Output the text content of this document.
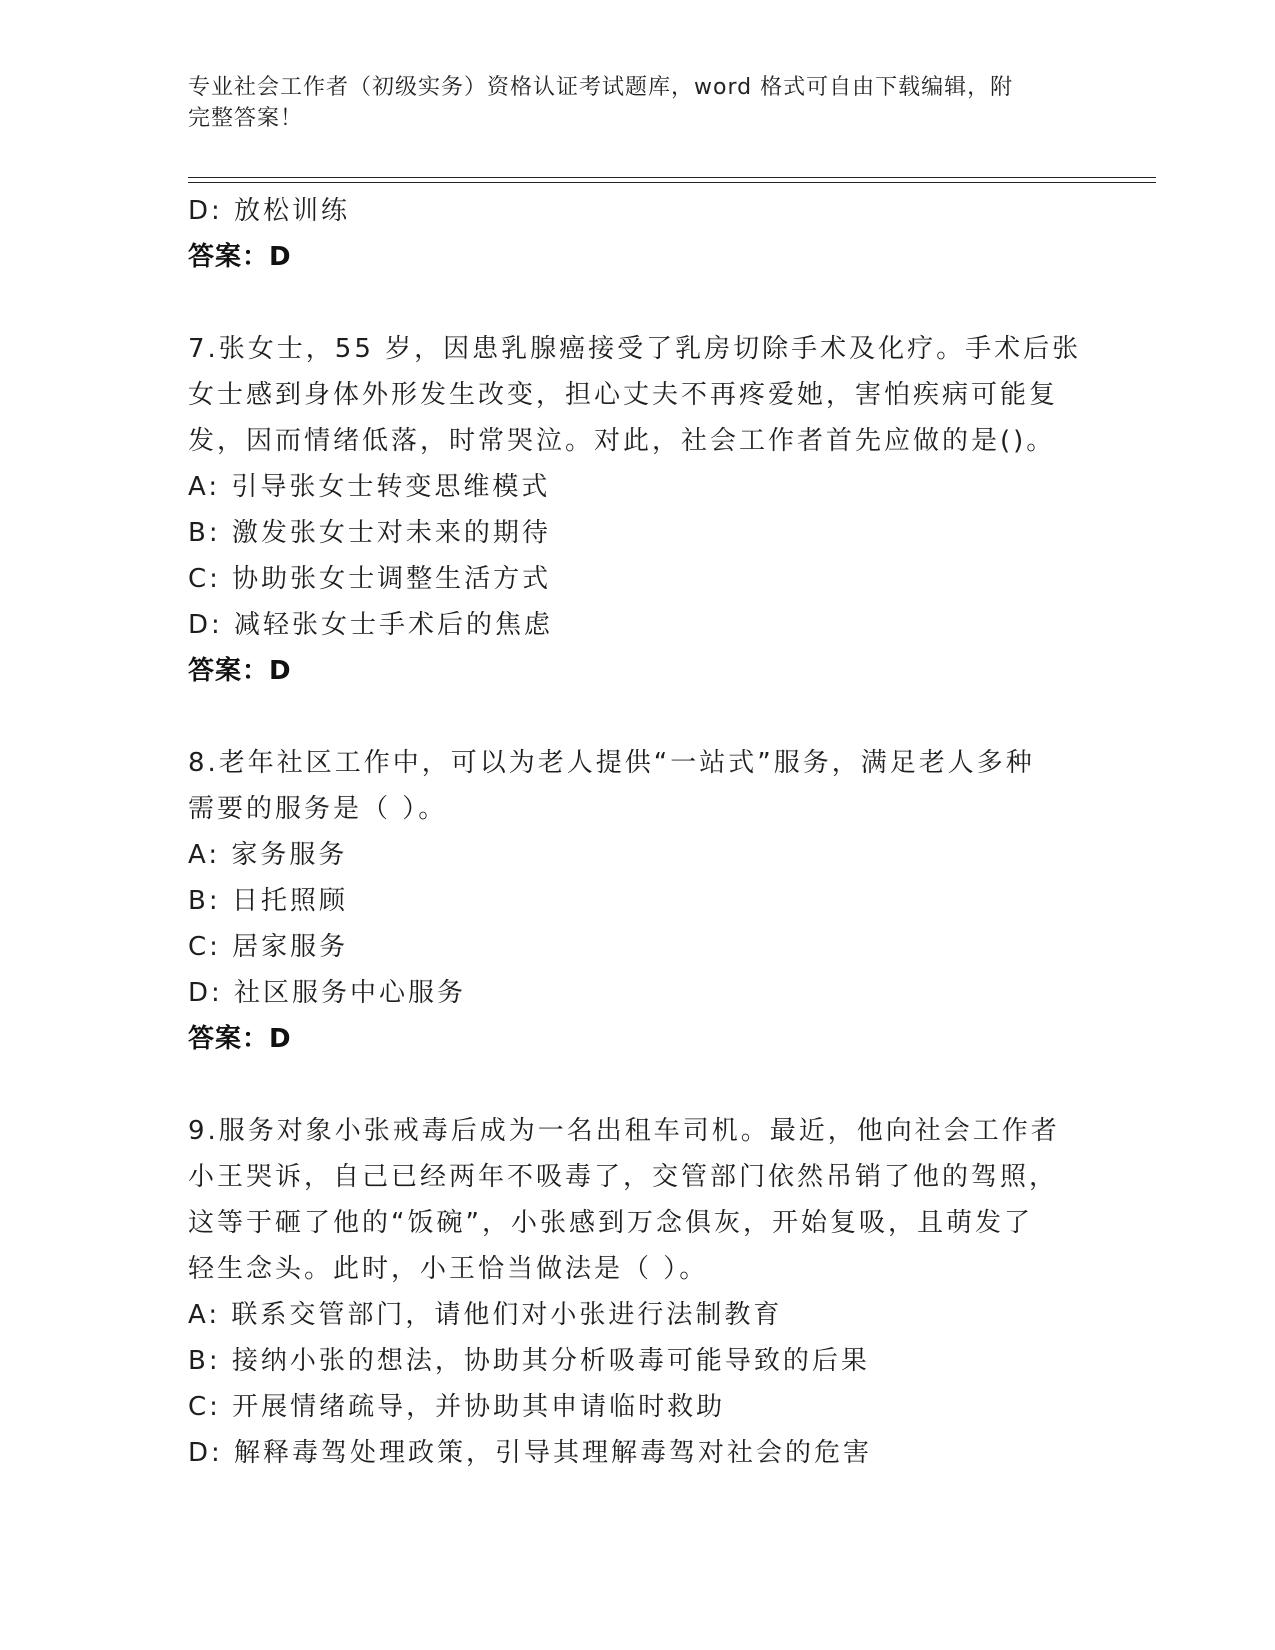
专业社会工作者（初级实务）资格认证考试题库，word 格式可自由下载编辑，附
完整答案！
D: 放松训练
答案：D
7.张女士，55 岁，因患乳腺癌接受了乳房切除手术及化疗。手术后张
女士感到身体外形发生改变，担心丈夫不再疼爱她，害怕疾病可能复
发，因而情绪低落，时常哭泣。对此，社会工作者首先应做的是()。
A: 引导张女士转变思维模式
B: 激发张女士对未来的期待
C: 协助张女士调整生活方式
D: 减轻张女士手术后的焦虑
答案：D
8.老年社区工作中，可以为老人提供“一站式”服务，满足老人多种
需要的服务是（ ）。
A: 家务服务
B: 日托照顾
C: 居家服务
D: 社区服务中心服务
答案：D
9.服务对象小张戒毒后成为一名出租车司机。最近，他向社会工作者
小王哭诉，自己已经两年不吸毒了，交管部门依然吊销了他的驾照，
这等于砸了他的“饭碗”，小张感到万念俱灰，开始复吸，且萌发了
轻生念头。此时，小王恰当做法是（ ）。
A: 联系交管部门，请他们对小张进行法制教育
B: 接纳小张的想法，协助其分析吸毒可能导致的后果
C: 开展情绪疏导，并协助其申请临时救助
D: 解释毒驾处理政策，引导其理解毒驾对社会的危害
